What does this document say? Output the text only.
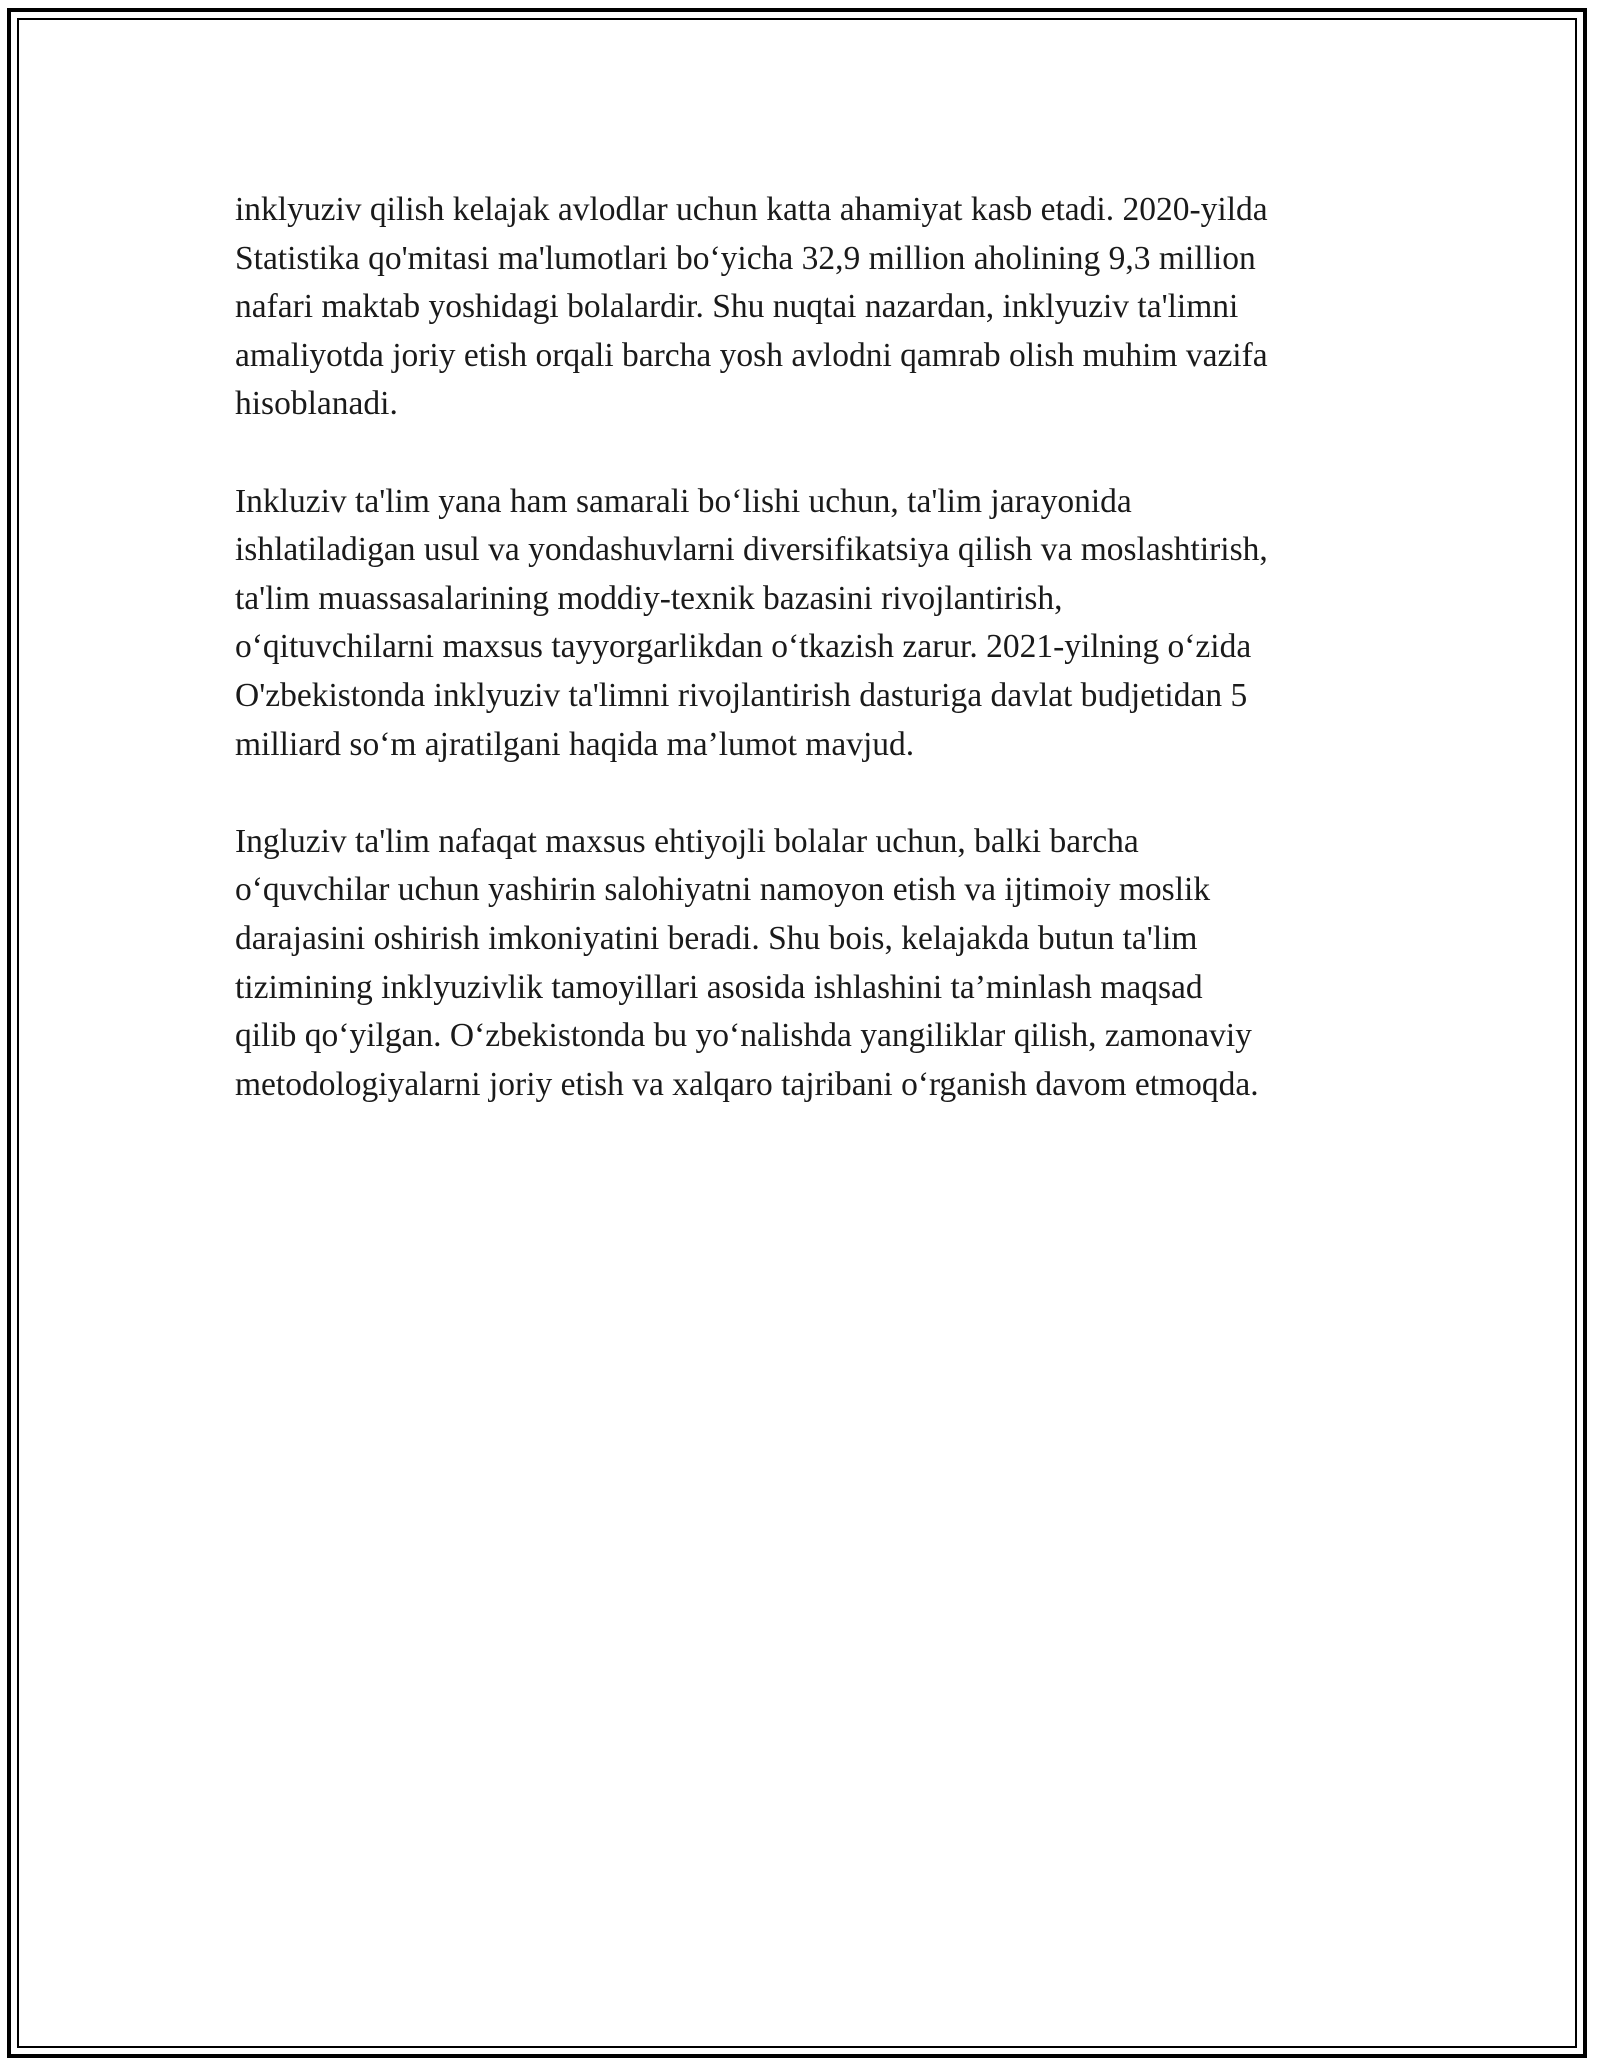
inklyuziv qilish kelajak avlodlar uchun katta ahamiyat kasb etadi. 2020-yilda
Statistika qo'mitasi ma'lumotlari bo‘yicha 32,9 million aholining 9,3 million
nafari maktab yoshidagi bolalardir. Shu nuqtai nazardan, inklyuziv ta'limni
amaliyotda joriy etish orqali barcha yosh avlodni qamrab olish muhim vazifa
hisoblanadi.

Inkluziv ta'lim yana ham samarali bo‘lishi uchun, ta'lim jarayonida
ishlatiladigan usul va yondashuvlarni diversifikatsiya qilish va moslashtirish,
ta'lim muassasalarining moddiy-texnik bazasini rivojlantirish,
o‘qituvchilarni maxsus tayyorgarlikdan o‘tkazish zarur. 2021-yilning o‘zida
O'zbekistonda inklyuziv ta'limni rivojlantirish dasturiga davlat budjetidan 5
milliard so‘m ajratilgani haqida ma’lumot mavjud.

Ingluziv ta'lim nafaqat maxsus ehtiyojli bolalar uchun, balki barcha
o‘quvchilar uchun yashirin salohiyatni namoyon etish va ijtimoiy moslik
darajasini oshirish imkoniyatini beradi. Shu bois, kelajakda butun ta'lim
tizimining inklyuzivlik tamoyillari asosida ishlashini ta’minlash maqsad
qilib qo‘yilgan. O‘zbekistonda bu yo‘nalishda yangiliklar qilish, zamonaviy
metodologiyalarni joriy etish va xalqaro tajribani o‘rganish davom etmoqda.
